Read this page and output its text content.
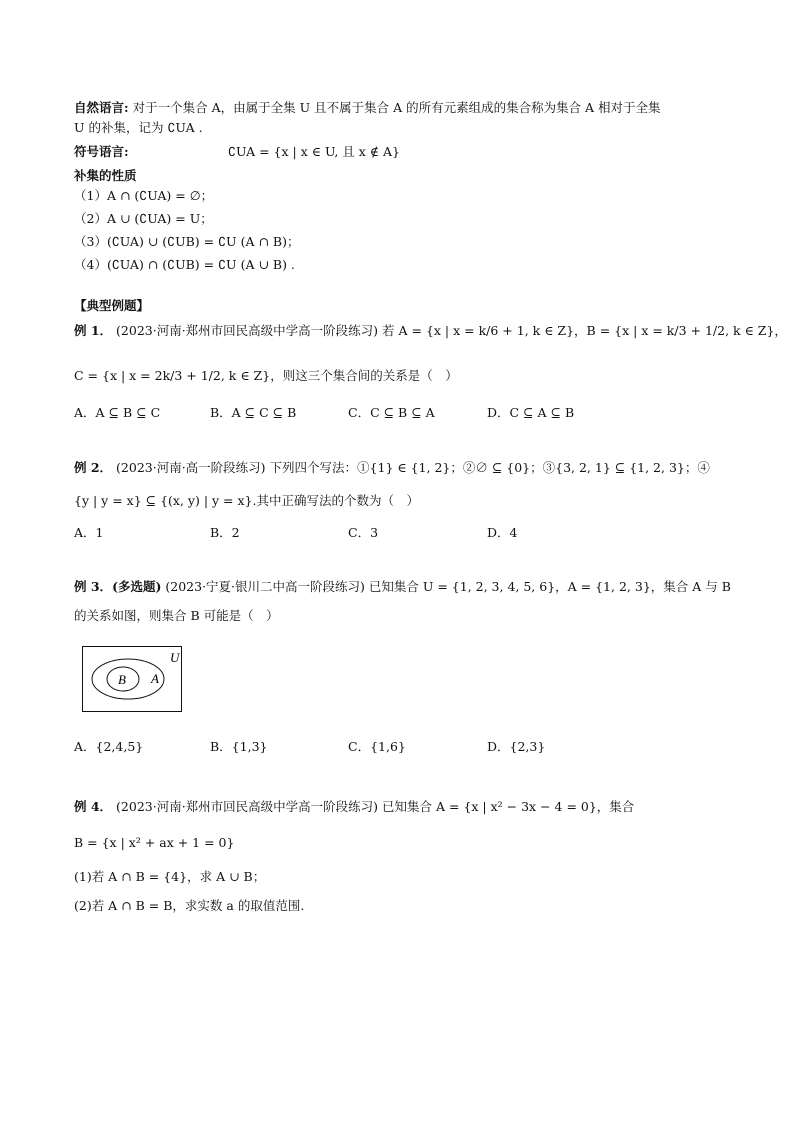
自然语言: 对于一个集合 A，由属于全集 U 且不属于集合 A 的所有元素组成的集合称为集合 A 相对于全集
U 的补集，记为 ∁UA .
符号语言:	∁UA = {x | x ∈ U, 且 x ∉ A}
补集的性质
（1）A ∩ (∁UA) = ∅；
（2）A ∪ (∁UA) = U；
（3）(∁UA) ∪ (∁UB) = ∁U (A ∩ B)；
（4）(∁UA) ∩ (∁UB) = ∁U (A ∪ B) .
【典型例题】
例 1． (2023·河南·郑州市回民高级中学高一阶段练习) 若 A = {x | x = k/6 + 1, k ∈ Z}，B = {x | x = k/3 + 1/2, k ∈ Z}，
C = {x | x = 2k/3 + 1/2, k ∈ Z}，则这三个集合间的关系是（　）
A．A ⊆ B ⊆ C	B．A ⊆ C ⊆ B	C．C ⊆ B ⊆ A	D．C ⊆ A ⊆ B
例 2． (2023·河南·高一阶段练习) 下列四个写法：①{1} ∈ {1, 2}；②∅ ⊆ {0}；③{3, 2, 1} ⊆ {1, 2, 3}；④
{y | y = x} ⊆ {(x, y) | y = x}.其中正确写法的个数为（　）
A．1	B．2	C．3	D．4
例 3．(多选题) (2023·宁夏·银川二中高一阶段练习) 已知集合 U = {1, 2, 3, 4, 5, 6}，A = {1, 2, 3}，集合 A 与 B
的关系如图，则集合 B 可能是（　）
U
A
B
A．{2,4,5}	B．{1,3}	C．{1,6}	D．{2,3}
例 4． (2023·河南·郑州市回民高级中学高一阶段练习) 已知集合 A = {x | x² − 3x − 4 = 0}，集合
B = {x | x² + ax + 1 = 0}
(1)若 A ∩ B = {4}，求 A ∪ B；
(2)若 A ∩ B = B，求实数 a 的取值范围.
